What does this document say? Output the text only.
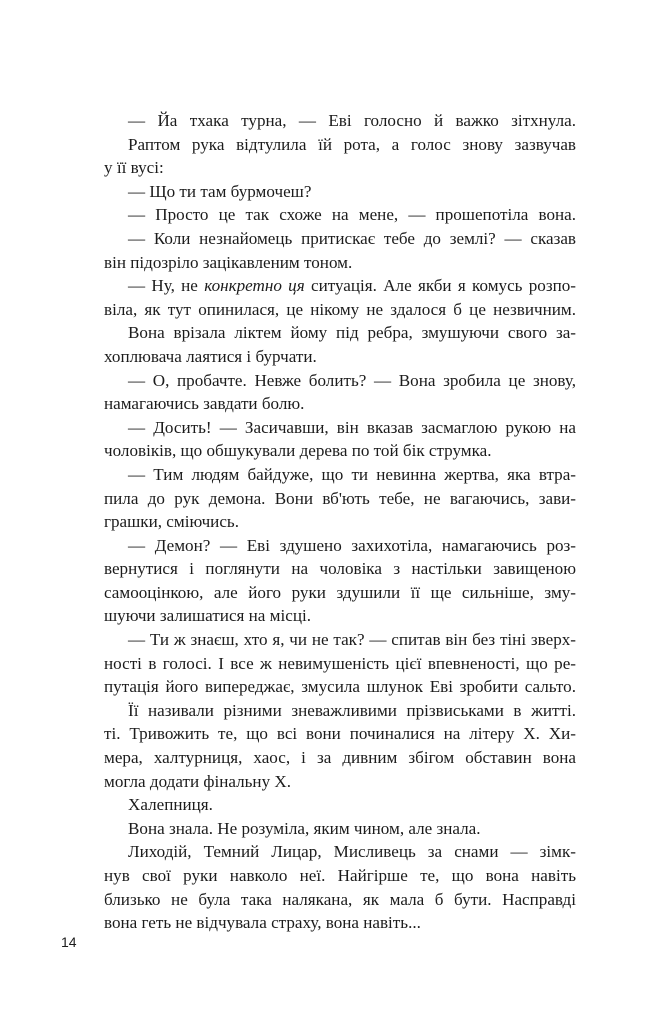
— Йа тхака турна, — Еві голосно й важко зітхнула.
Раптом рука відтулила їй рота, а голос знову зазвучав
у її вусі:
— Що ти там бурмочеш?
— Просто це так схоже на мене, — прошепотіла вона.
— Коли незнайомець притискає тебе до землі? — сказав
він підозріло зацікавленим тоном.
— Ну, не конкретно ця ситуація. Але якби я комусь розпо-
віла, як тут опинилася, це нікому не здалося б це незвичним.
Вона врізала ліктем йому під ребра, змушуючи свого за-
хоплювача лаятися і бурчати.
— О, пробачте. Невже болить? — Вона зробила це знову,
намагаючись завдати болю.
— Досить! — Засичавши, він вказав засмаглою рукою на
чоловіків, що обшукували дерева по той бік струмка.
— Тим людям байдуже, що ти невинна жертва, яка втра-
пила до рук демона. Вони вб'ють тебе, не вагаючись, зави-
грашки, сміючись.
— Демон? — Еві здушено захихотіла, намагаючись роз-
вернутися і поглянути на чоловіка з настільки завищеною
самооцінкою, але його руки здушили її ще сильніше, зму-
шуючи залишатися на місці.
— Ти ж знаєш, хто я, чи не так? — спитав він без тіні зверх-
ності в голосі. І все ж невимушеність цієї впевненості, що ре-
путація його випереджає, змусила шлунок Еві зробити сальто.
Її називали різними зневажливими прізвиськами в житті.
ті. Тривожить те, що всі вони починалися на літеру Х. Хи-
мера, халтурниця, хаос, і за дивним збігом обставин вона
могла додати фінальну Х.
Халепниця.
Вона знала. Не розуміла, яким чином, але знала.
Лиходій, Темний Лицар, Мисливець за снами — зімк-
нув свої руки навколо неї. Найгірше те, що вона навіть
близько не була така налякана, як мала б бути. Насправді
вона геть не відчувала страху, вона навіть...
14
